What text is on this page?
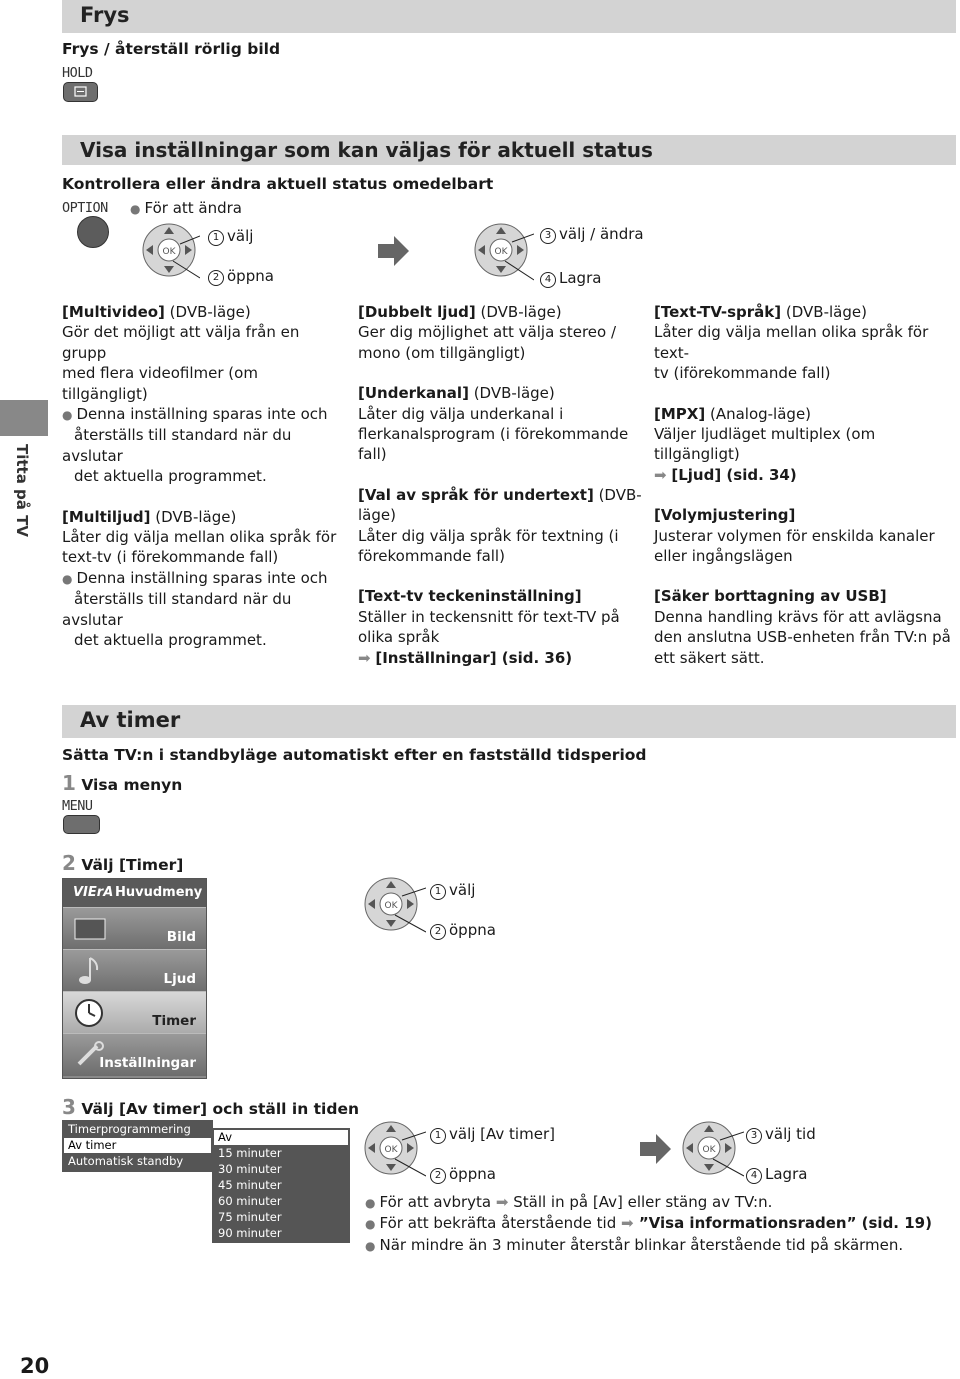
Frys
Frys / återställ rörlig bild
HOLD
Visa inställningar som kan väljas för aktuell status
Kontrollera eller ändra aktuell status omedelbart
OPTION ● För att ändra
OK
1 välj
2 öppna
OK
3 välj / ändra
4 Lagra
Titta på TV
[Multivideo] (DVB-läge)
Gör det möjligt att välja från en grupp
med flera videofilmer (om tillgängligt)
● Denna inställning sparas inte och
återställs till standard när du avslutar
det aktuella programmet.
[Multiljud] (DVB-läge)
Låter dig välja mellan olika språk för
text-tv (i förekommande fall)
● Denna inställning sparas inte och
återställs till standard när du avslutar
det aktuella programmet.
[Dubbelt ljud] (DVB-läge)
Ger dig möjlighet att välja stereo /
mono (om tillgängligt)
[Underkanal] (DVB-läge)
Låter dig välja underkanal i
flerkanalsprogram (i förekommande
fall)
[Val av språk för undertext] (DVB-
läge)
Låter dig välja språk för textning (i
förekommande fall)
[Text-tv teckeninställning]
Ställer in teckensnitt för text-TV på
olika språk
➡ [Inställningar] (sid. 36)
[Text-TV-språk] (DVB-läge)
Låter dig välja mellan olika språk för text-
tv (iförekommande fall)
[MPX] (Analog-läge)
Väljer ljudläget multiplex (om
tillgängligt)
➡ [Ljud] (sid. 34)
[Volymjustering]
Justerar volymen för enskilda kanaler
eller ingångslägen
[Säker borttagning av USB]
Denna handling krävs för att avlägsna
den anslutna USB-enheten från TV:n på
ett säkert sätt.
Av timer
Sätta TV:n i standbyläge automatiskt efter en fastställd tidsperiod
1 Visa menyn
MENU
2 Välj [Timer]
VIErA Huvudmeny
Bild
Ljud
Timer
Inställningar
OK
1 välj
2 öppna
3 Välj [Av timer] och ställ in tiden
Timerprogrammering
Av timer
Automatisk standby
Av
15 minuter
30 minuter
45 minuter
60 minuter
75 minuter
90 minuter
OK
1 välj [Av timer]
2 öppna
OK
3 välj tid
4 Lagra
● För att avbryta ➡ Ställ in på [Av] eller stäng av TV:n.
● För att bekräfta återstående tid ➡ ”Visa informationsraden” (sid. 19)
● När mindre än 3 minuter återstår blinkar återstående tid på skärmen.
20
